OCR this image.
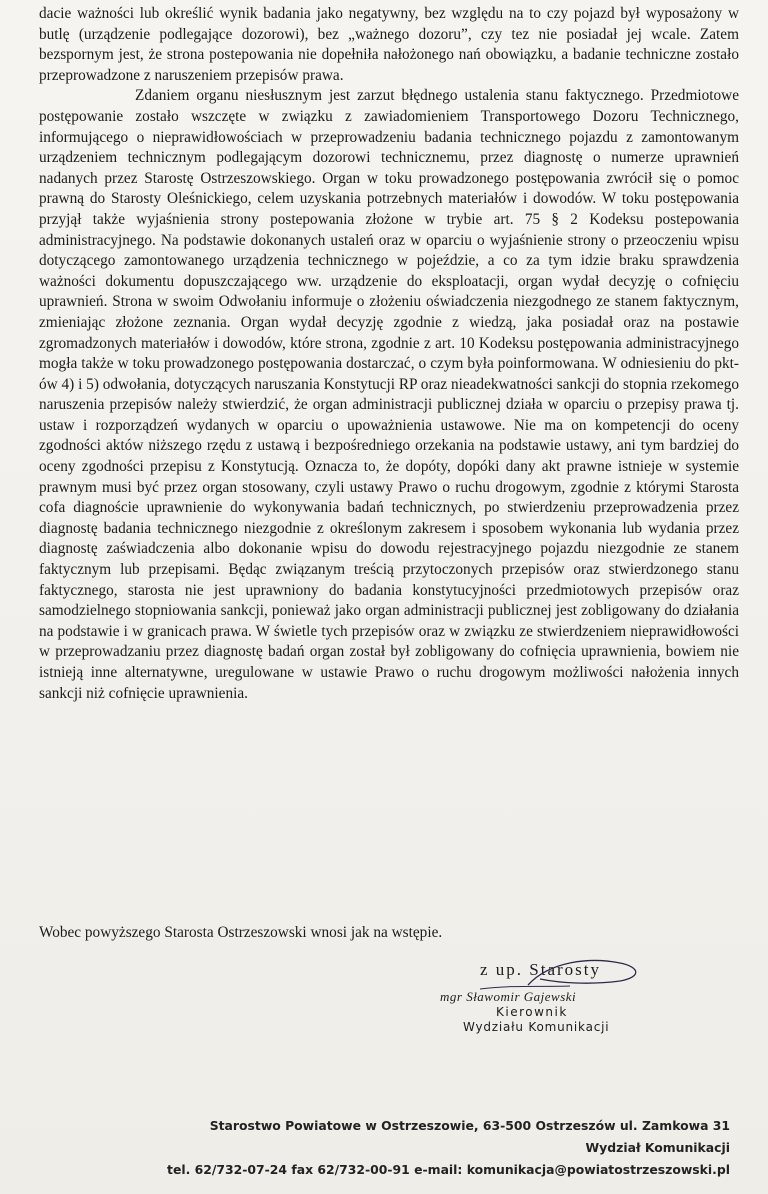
dacie ważności lub określić wynik badania jako negatywny, bez względu na to czy pojazd był wyposażony w butlę (urządzenie podlegające dozorowi), bez „ważnego dozoru”, czy tez nie posiadał jej wcale. Zatem bezspornym jest, że strona postepowania nie dopełniła nałożonego nań obowiązku, a badanie techniczne zostało przeprowadzone z naruszeniem przepisów prawa.

Zdaniem organu niesłusznym jest zarzut błędnego ustalenia stanu faktycznego. Przedmiotowe postępowanie zostało wszczęte w związku z zawiadomieniem Transportowego Dozoru Technicznego, informującego o nieprawidłowościach w przeprowadzeniu badania technicznego pojazdu z zamontowanym urządzeniem technicznym podlegającym dozorowi technicznemu, przez diagnostę o numerze uprawnień nadanych przez Starostę Ostrzeszowskiego. Organ w toku prowadzonego postępowania zwrócił się o pomoc prawną do Starosty Oleśnickiego, celem uzyskania potrzebnych materiałów i dowodów. W toku postępowania przyjął także wyjaśnienia strony postepowania złożone w trybie art. 75 § 2 Kodeksu postepowania administracyjnego. Na podstawie dokonanych ustaleń oraz w oparciu o wyjaśnienie strony o przeoczeniu wpisu dotyczącego zamontowanego urządzenia technicznego w pojeździe, a co za tym idzie braku sprawdzenia ważności dokumentu dopuszczającego ww. urządzenie do eksploatacji, organ wydał decyzję o cofnięciu uprawnień. Strona w swoim Odwołaniu informuje o złożeniu oświadczenia niezgodnego ze stanem faktycznym, zmieniając złożone zeznania. Organ wydał decyzję zgodnie z wiedzą, jaka posiadał oraz na postawie zgromadzonych materiałów i dowodów, które strona, zgodnie z art. 10 Kodeksu postępowania administracyjnego mogła także w toku prowadzonego postępowania dostarczać, o czym była poinformowana. W odniesieniu do pkt-ów 4) i 5) odwołania, dotyczących naruszania Konstytucji RP oraz nieadekwatności sankcji do stopnia rzekomego naruszenia przepisów należy stwierdzić, że organ administracji publicznej działa w oparciu o przepisy prawa tj. ustaw i rozporządzeń wydanych w oparciu o upoważnienia ustawowe. Nie ma on kompetencji do oceny zgodności aktów niższego rzędu z ustawą i bezpośredniego orzekania na podstawie ustawy, ani tym bardziej do oceny zgodności przepisu z Konstytucją. Oznacza to, że dopóty, dopóki dany akt prawne istnieje w systemie prawnym musi być przez organ stosowany, czyli ustawy Prawo o ruchu drogowym, zgodnie z którymi Starosta cofa diagnoście uprawnienie do wykonywania badań technicznych, po stwierdzeniu przeprowadzenia przez diagnostę badania technicznego niezgodnie z określonym zakresem i sposobem wykonania lub wydania przez diagnostę zaświadczenia albo dokonanie wpisu do dowodu rejestracyjnego pojazdu niezgodnie ze stanem faktycznym lub przepisami. Będąc związanym treścią przytoczonych przepisów oraz stwierdzonego stanu faktycznego, starosta nie jest uprawniony do badania konstytucyjności przedmiotowych przepisów oraz samodzielnego stopniowania sankcji, ponieważ jako organ administracji publicznej jest zobligowany do działania na podstawie i w granicach prawa. W świetle tych przepisów oraz w związku ze stwierdzeniem nieprawidłowości w przeprowadzaniu przez diagnostę badań organ został był zobligowany do cofnięcia uprawnienia, bowiem nie istnieją inne alternatywne, uregulowane w ustawie Prawo o ruchu drogowym możliwości nałożenia innych sankcji niż cofnięcie uprawnienia.

Wobec powyższego Starosta Ostrzeszowski wnosi jak na wstępie.
z up. Starosty
mgr Sławomir Gajewski
Kierownik
Wydziału Komunikacji
Starostwo Powiatowe w Ostrzeszowie, 63-500 Ostrzeszów ul. Zamkowa 31
Wydział Komunikacji
tel. 62/732-07-24 fax 62/732-00-91 e-mail: komunikacja@powiatostrzeszowski.pl
